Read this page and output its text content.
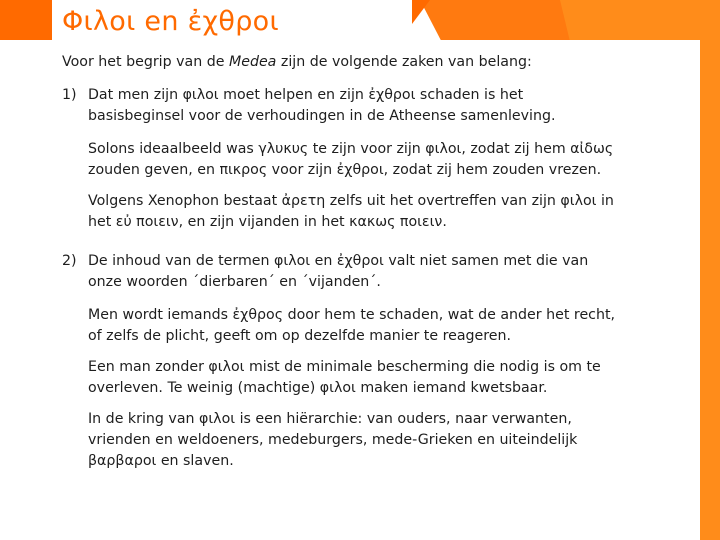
Φιλοι en ἐχθροι

Voor het begrip van de Medea zijn de volgende zaken van belang:

1) Dat men zijn φιλοι moet helpen en zijn ἐχθροι schaden is het basisbeginsel voor de verhoudingen in de Atheense samenleving.

Solons ideaalbeeld was γλυκυς te zijn voor zijn φιλοι, zodat zij hem αἰδως zouden geven, en πικρος voor zijn ἐχθροι, zodat zij hem zouden vrezen.

Volgens Xenophon bestaat ἀρετη zelfs uit het overtreffen van zijn φιλοι in het εὐ ποιειν, en zijn vijanden in het κακως ποιειν.

2) De inhoud van de termen φιλοι en ἐχθροι valt niet samen met die van onze woorden ´dierbaren´ en ´vijanden´.

Men wordt iemands ἐχθρος door hem te schaden, wat de ander het recht, of zelfs de plicht, geeft om op dezelfde manier te reageren.

Een man zonder φιλοι mist de minimale bescherming die nodig is om te overleven. Te weinig (machtige) φιλοι maken iemand kwetsbaar.

In de kring van φιλοι is een hiërarchie: van ouders, naar verwanten, vrienden en weldoeners, medeburgers, mede-Grieken en uiteindelijk βαρβαροι en slaven.
